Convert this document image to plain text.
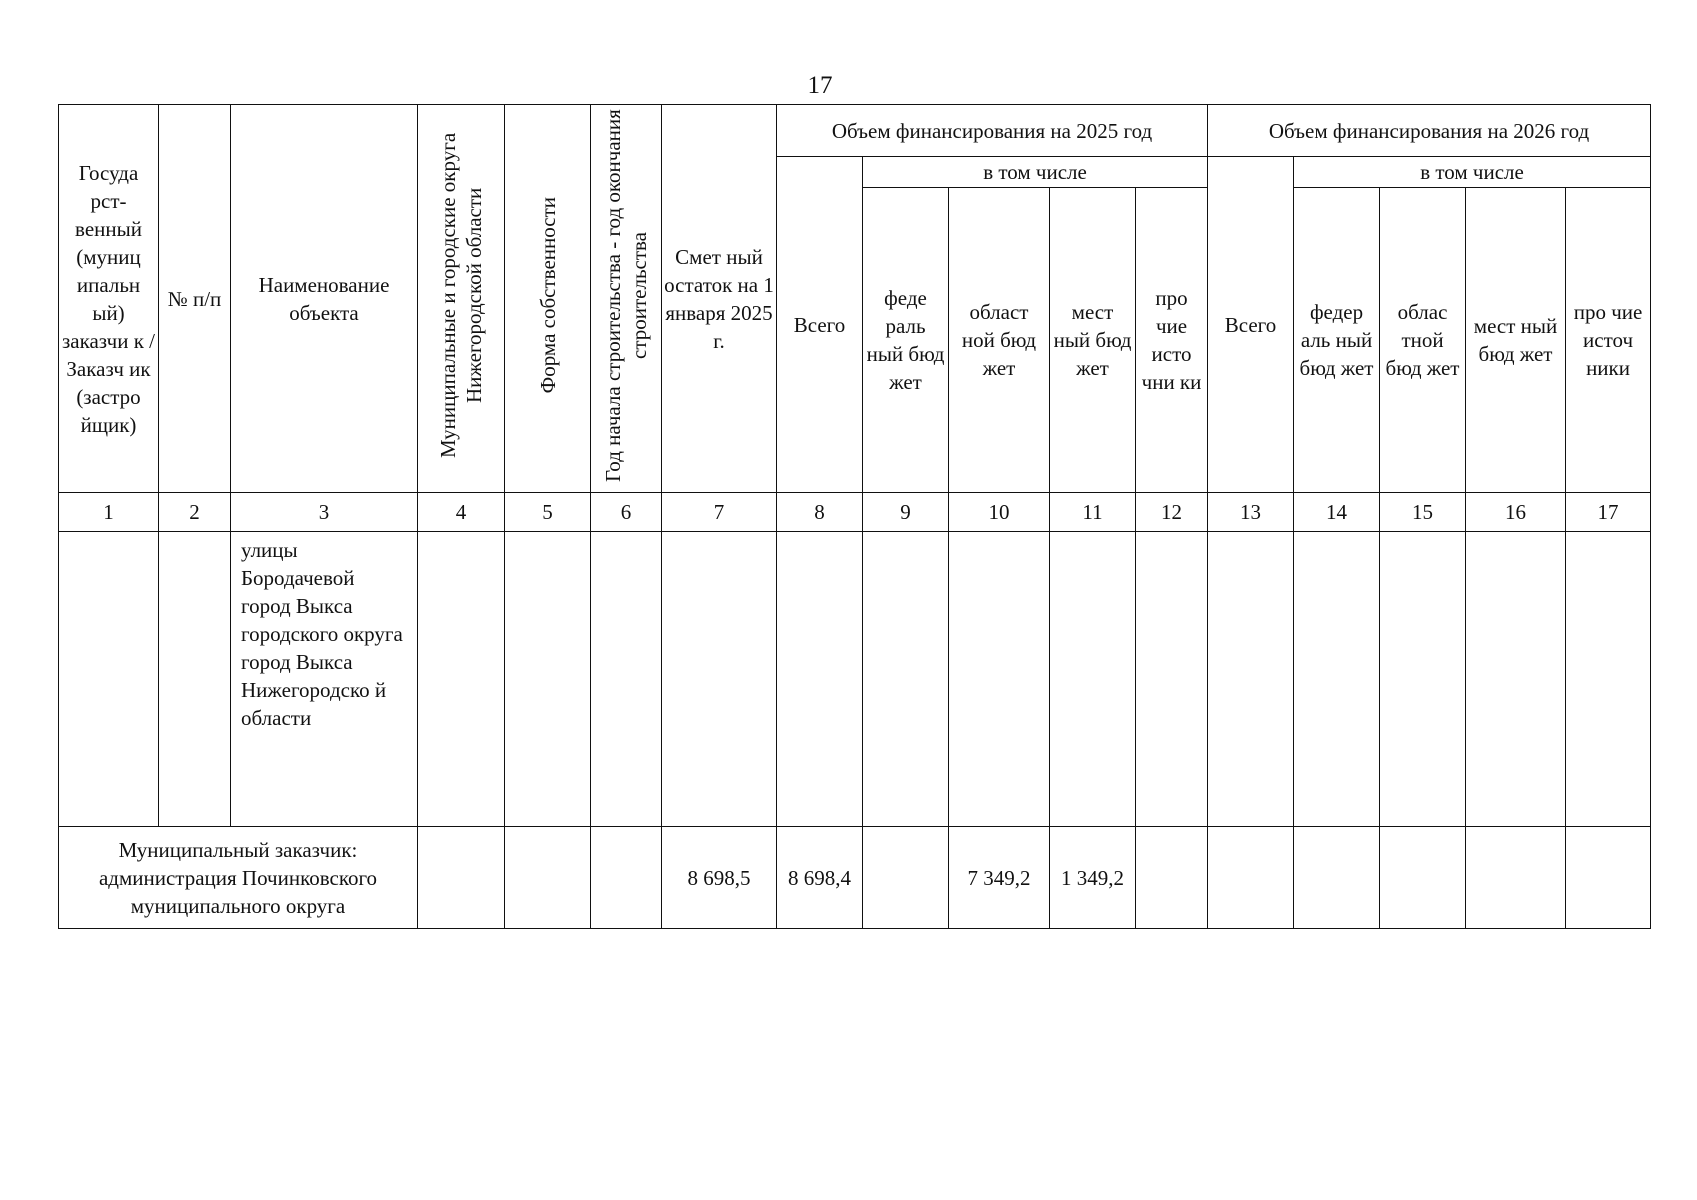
17
Госуда рст- венный (муниц ипальн ый) заказчи к / Заказч ик (застро йщик)	№ п/п	Наименование объекта	Муниципальные и городские округа Нижегородской области	Форма собственности	Год начала строительства - год окончания строительства	Смет ный остаток на 1 января 2025 г.	Объем финансирования на 2025 год					Объем финансирования на 2026 год				
							Всего	в том числе				Всего	в том числе			
								феде раль ный бюд жет	област ной бюд жет	мест ный бюд жет	про чие исто чни ки		федер аль ный бюд жет	облас тной бюд жет	мест ный бюд жет	про чие источ ники
1	2	3	4	5	6	7	8	9	10	11	12	13	14	15	16	17
		улицы Бородачевой город Выкса городского округа город Выкса Нижегородско й области														
Муниципальный заказчик: администрация Починковского муниципального округа						8 698,5	8 698,4		7 349,2	1 349,2						
